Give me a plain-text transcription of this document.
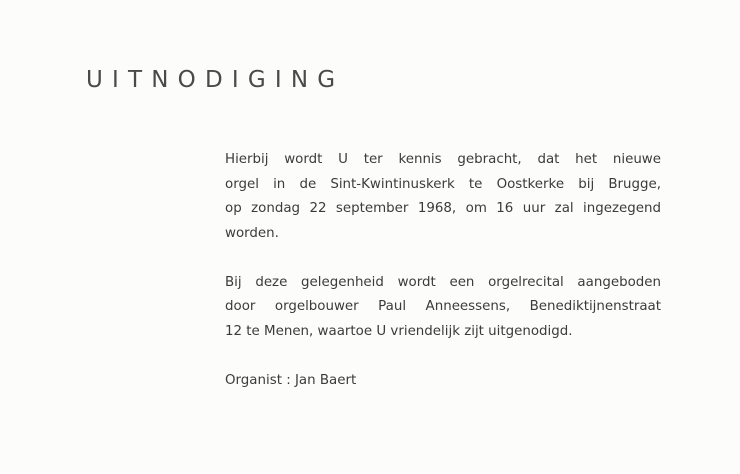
UITNODIGING

Hierbij wordt U ter kennis gebracht, dat het nieuwe
orgel in de Sint-Kwintinuskerk te Oostkerke bij Brugge,
op zondag 22 september 1968, om 16 uur zal ingezegend
worden.

Bij deze gelegenheid wordt een orgelrecital aangeboden
door orgelbouwer Paul Anneessens, Benediktijnenstraat
12 te Menen, waartoe U vriendelijk zijt uitgenodigd.

Organist : Jan Baert
